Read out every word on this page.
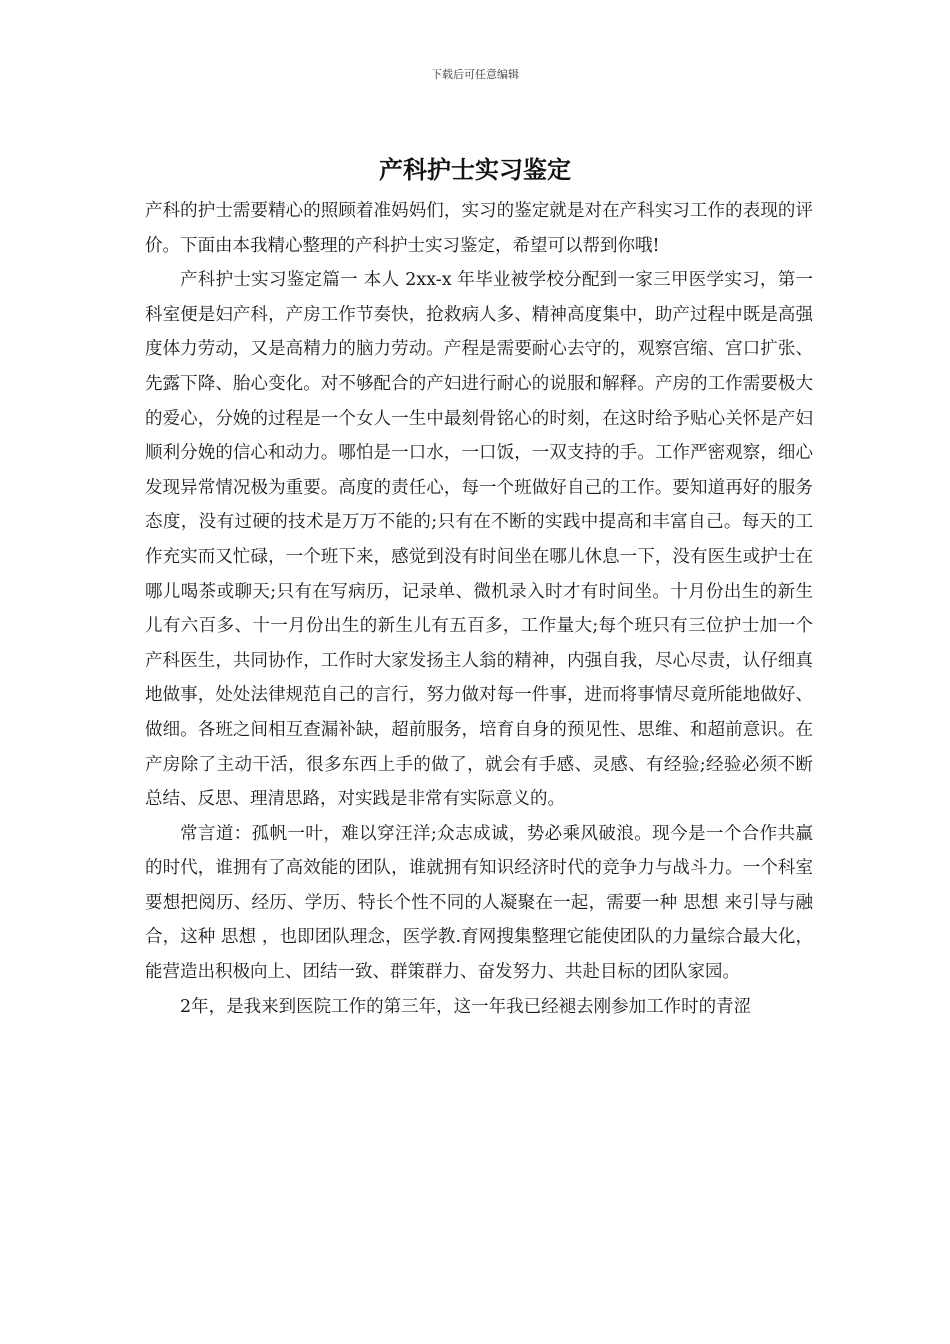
下载后可任意编辑
产科护士实习鉴定

产科的护士需要精心的照顾着准妈妈们，实习的鉴定就是对在产科实习工作的表现的评价。下面由本我精心整理的产科护士实习鉴定，希望可以帮到你哦!

产科护士实习鉴定篇一 本人 2xx-x 年毕业被学校分配到一家三甲医学实习，第一科室便是妇产科，产房工作节奏快，抢救病人多、精神高度集中，助产过程中既是高强度体力劳动，又是高精力的脑力劳动。产程是需要耐心去守的，观察宫缩、宫口扩张、先露下降、胎心变化。对不够配合的产妇进行耐心的说服和解释。产房的工作需要极大的爱心，分娩的过程是一个女人一生中最刻骨铭心的时刻，在这时给予贴心关怀是产妇顺利分娩的信心和动力。哪怕是一口水，一口饭，一双支持的手。工作严密观察，细心发现异常情况极为重要。高度的责任心，每一个班做好自己的工作。要知道再好的服务态度，没有过硬的技术是万万不能的;只有在不断的实践中提高和丰富自己。每天的工作充实而又忙碌，一个班下来，感觉到没有时间坐在哪儿休息一下，没有医生或护士在哪儿喝茶或聊天;只有在写病历，记录单、微机录入时才有时间坐。十月份出生的新生儿有六百多、十一月份出生的新生儿有五百多，工作量大;每个班只有三位护士加一个产科医生，共同协作，工作时大家发扬主人翁的精神，内强自我，尽心尽责，认仔细真地做事，处处法律规范自己的言行，努力做对每一件事，进而将事情尽竟所能地做好、做细。各班之间相互查漏补缺，超前服务，培育自身的预见性、思维、和超前意识。在产房除了主动干活，很多东西上手的做了，就会有手感、灵感、有经验;经验必须不断总结、反思、理清思路，对实践是非常有实际意义的。

常言道：孤帆一叶，难以穿汪洋;众志成诚，势必乘风破浪。现今是一个合作共赢的时代，谁拥有了高效能的团队，谁就拥有知识经济时代的竞争力与战斗力。一个科室要想把阅历、经历、学历、特长个性不同的人凝聚在一起，需要一种 思想 来引导与融合，这种 思想 ，也即团队理念，医学教.育网搜集整理它能使团队的力量综合最大化，能营造出积极向上、团结一致、群策群力、奋发努力、共赴目标的团队家园。

2年，是我来到医院工作的第三年，这一年我已经褪去刚参加工作时的青涩
